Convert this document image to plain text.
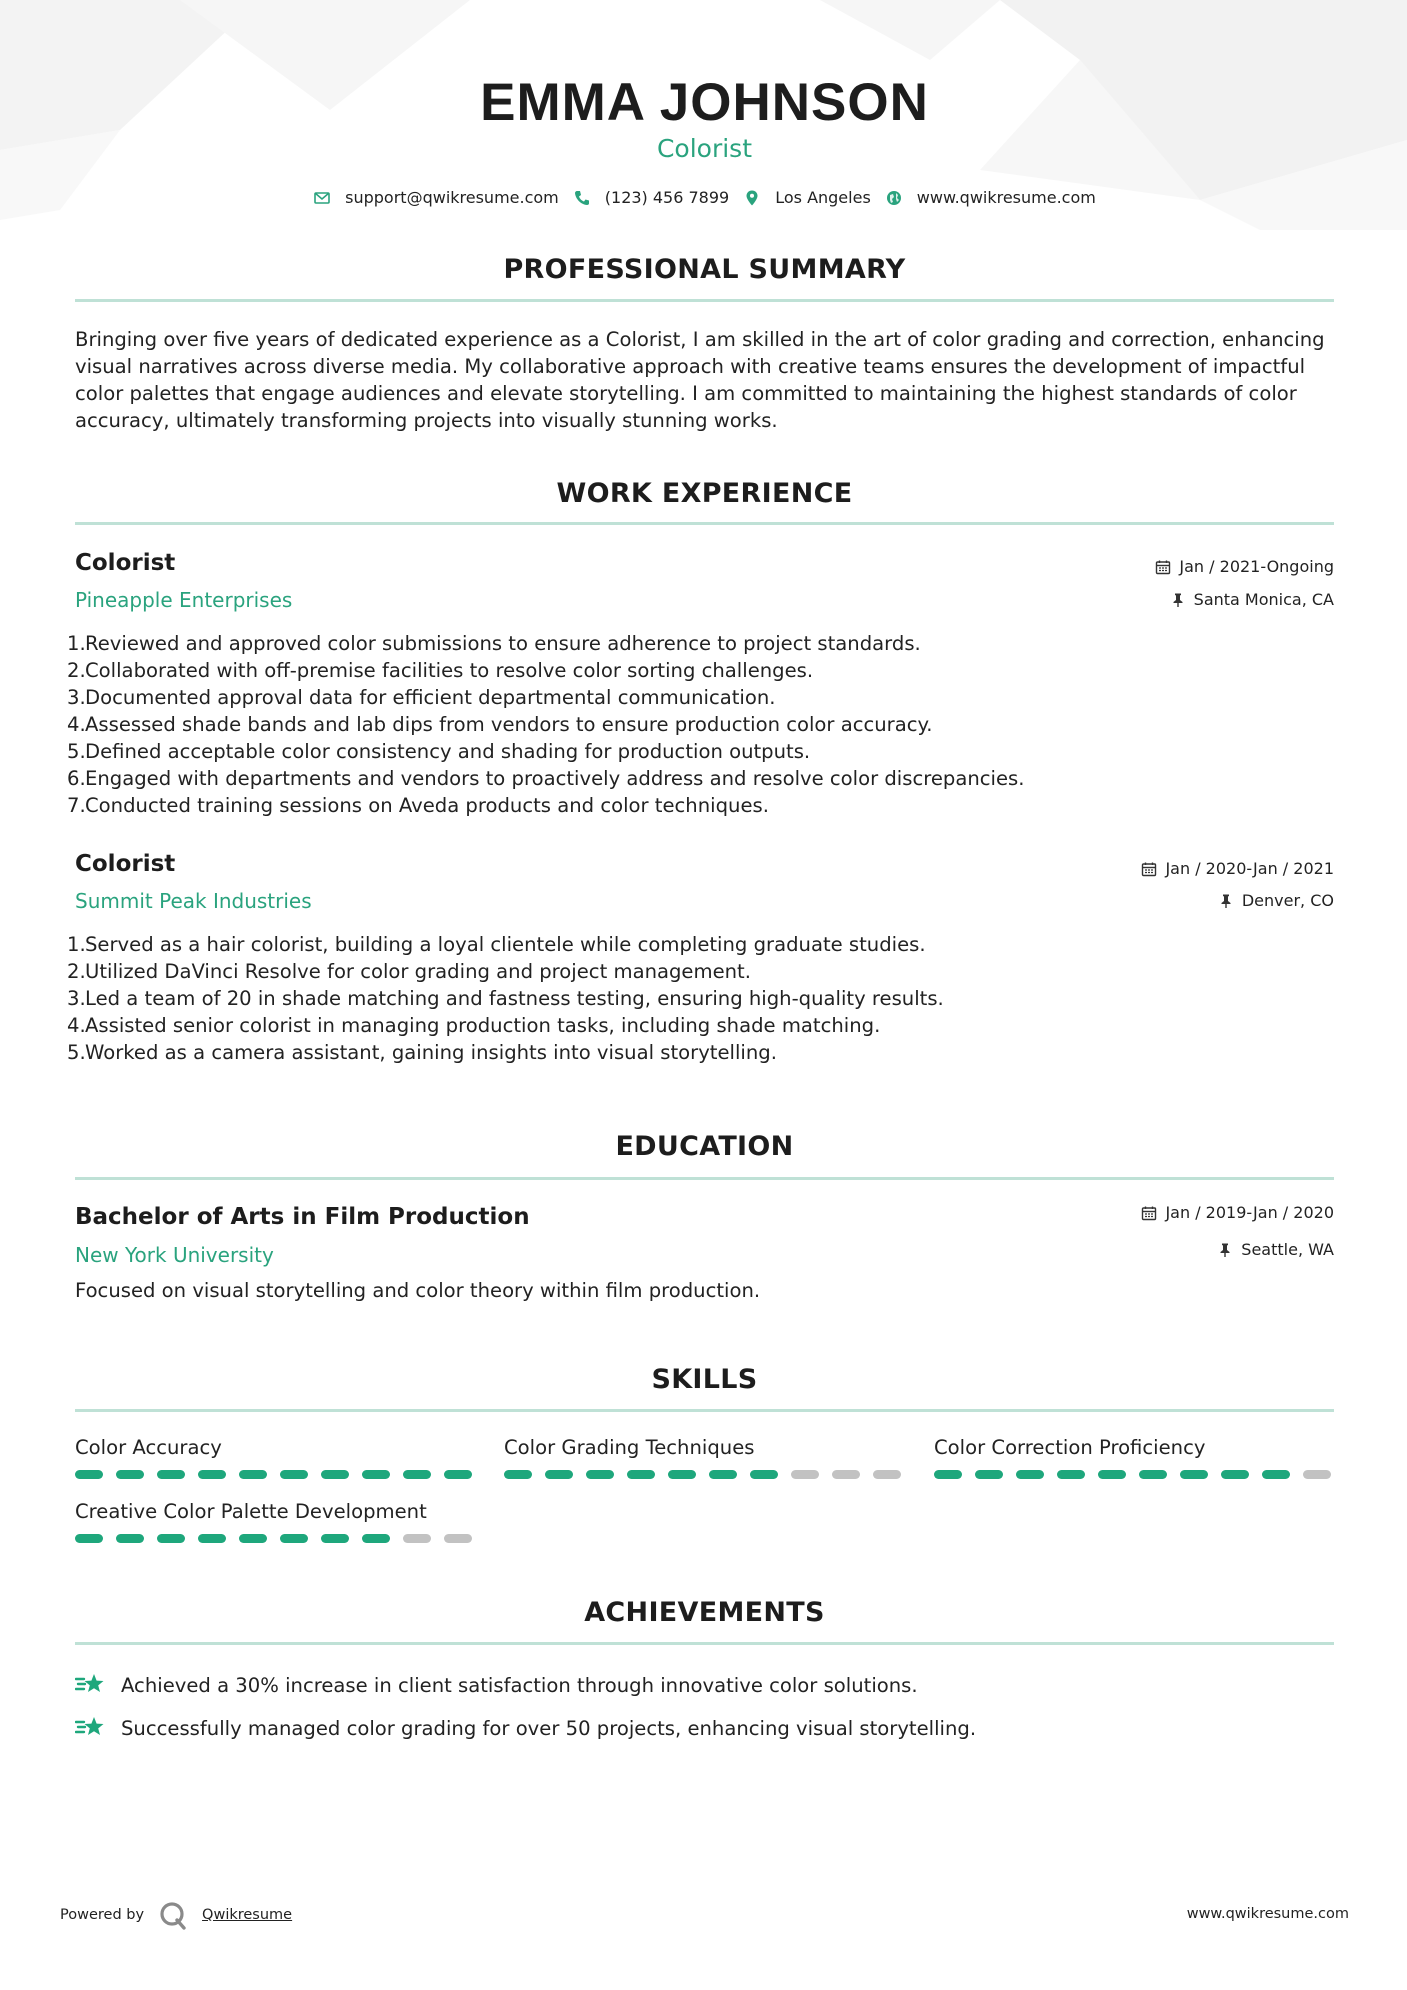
EMMA JOHNSON
Colorist
support@qwikresume.com	(123) 456 7899	Los Angeles	www.qwikresume.com
PROFESSIONAL SUMMARY

Bringing over five years of dedicated experience as a Colorist, I am skilled in the art of color grading and correction, enhancing visual narratives across diverse media. My collaborative approach with creative teams ensures the development of impactful color palettes that engage audiences and elevate storytelling. I am committed to maintaining the highest standards of color accuracy, ultimately transforming projects into visually stunning works.

WORK EXPERIENCE
Colorist
Pineapple Enterprises
Jan / 2021-Ongoing
Santa Monica, CA
1. Reviewed and approved color submissions to ensure adherence to project standards.
2. Collaborated with off-premise facilities to resolve color sorting challenges.
3. Documented approval data for efficient departmental communication.
4. Assessed shade bands and lab dips from vendors to ensure production color accuracy.
5. Defined acceptable color consistency and shading for production outputs.
6. Engaged with departments and vendors to proactively address and resolve color discrepancies.
7. Conducted training sessions on Aveda products and color techniques.
Colorist
Summit Peak Industries
Jan / 2020-Jan / 2021
Denver, CO
1. Served as a hair colorist, building a loyal clientele while completing graduate studies.
2. Utilized DaVinci Resolve for color grading and project management.
3. Led a team of 20 in shade matching and fastness testing, ensuring high-quality results.
4. Assisted senior colorist in managing production tasks, including shade matching.
5. Worked as a camera assistant, gaining insights into visual storytelling.
EDUCATION
Bachelor of Arts in Film Production
New York University
Jan / 2019-Jan / 2020
Seattle, WA
Focused on visual storytelling and color theory within film production.
SKILLS
Color Accuracy	Color Grading Techniques	Color Correction Proficiency
Creative Color Palette Development
ACHIEVEMENTS
Achieved a 30% increase in client satisfaction through innovative color solutions.
Successfully managed color grading for over 50 projects, enhancing visual storytelling.
Powered by	Qwikresume	www.qwikresume.com
